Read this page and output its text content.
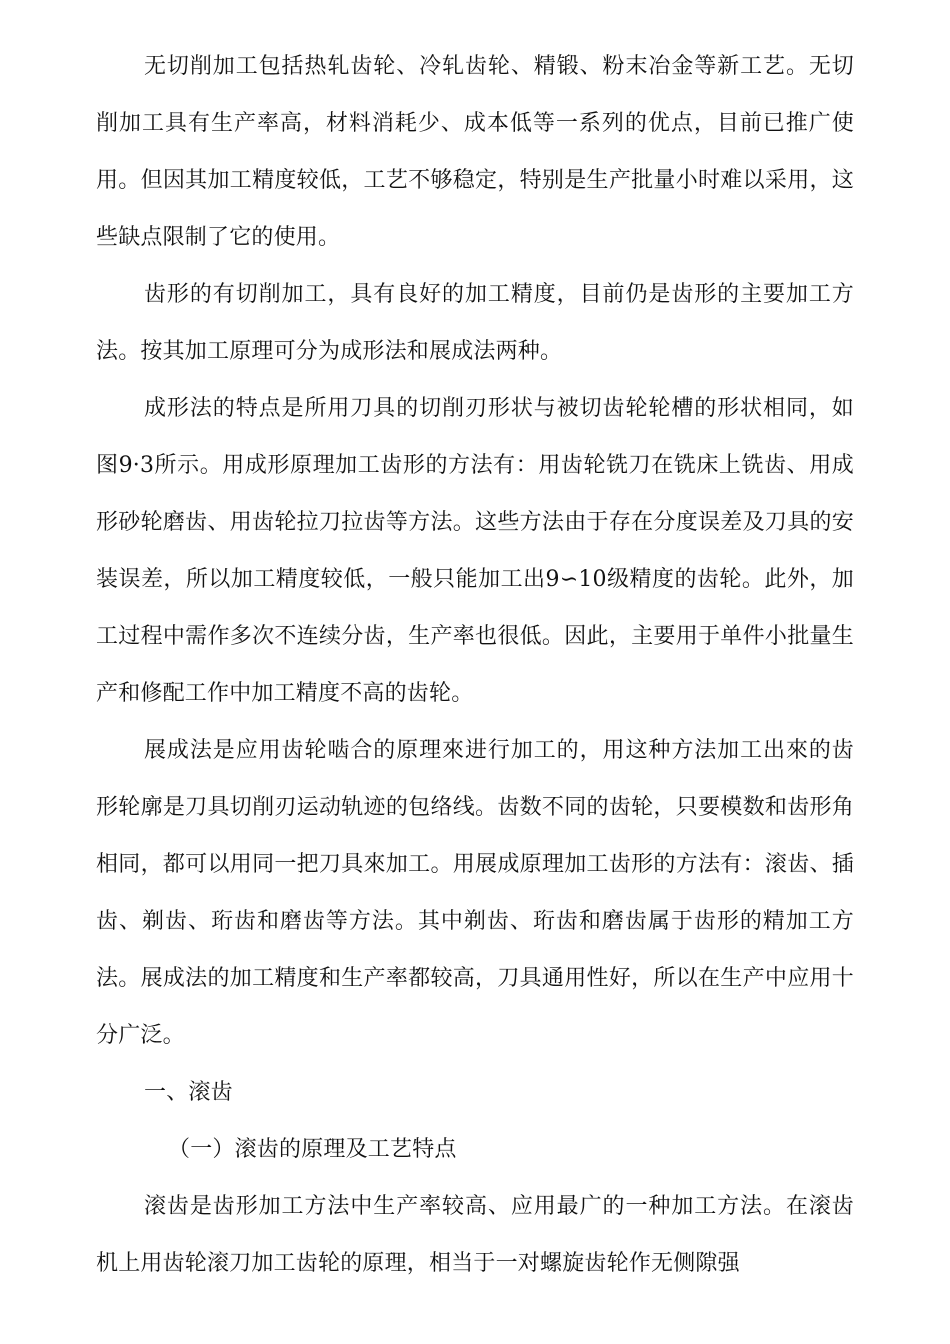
无切削加工包括热轧齿轮、冷轧齿轮、精锻、粉末冶金等新工艺。无切削加工具有生产率高，材料消耗少、成本低等一系列的优点，目前已推广使用。但因其加工精度较低，工艺不够稳定，特别是生产批量小时难以采用，这些缺点限制了它的使用。

齿形的有切削加工，具有良好的加工精度，目前仍是齿形的主要加工方法。按其加工原理可分为成形法和展成法两种。

成形法的特点是所用刀具的切削刃形状与被切齿轮轮槽的形状相同，如图9·3所示。用成形原理加工齿形的方法有：用齿轮铣刀在铣床上铣齿、用成形砂轮磨齿、用齿轮拉刀拉齿等方法。这些方法由于存在分度误差及刀具的安装误差，所以加工精度较低，一般只能加工出9∽10级精度的齿轮。此外，加工过程中需作多次不连续分齿，生产率也很低。因此，主要用于单件小批量生产和修配工作中加工精度不高的齿轮。

展成法是应用齿轮啮合的原理來进行加工的，用这种方法加工出來的齿形轮廓是刀具切削刃运动轨迹的包络线。齿数不同的齿轮，只要模数和齿形角相同，都可以用同一把刀具來加工。用展成原理加工齿形的方法有：滚齿、插齿、剃齿、珩齿和磨齿等方法。其中剃齿、珩齿和磨齿属于齿形的精加工方法。展成法的加工精度和生产率都较高，刀具通用性好，所以在生产中应用十分广泛。

一、滚齿

（一）滚齿的原理及工艺特点

滚齿是齿形加工方法中生产率较高、应用最广的一种加工方法。在滚齿机上用齿轮滚刀加工齿轮的原理，相当于一对螺旋齿轮作无侧隙强
